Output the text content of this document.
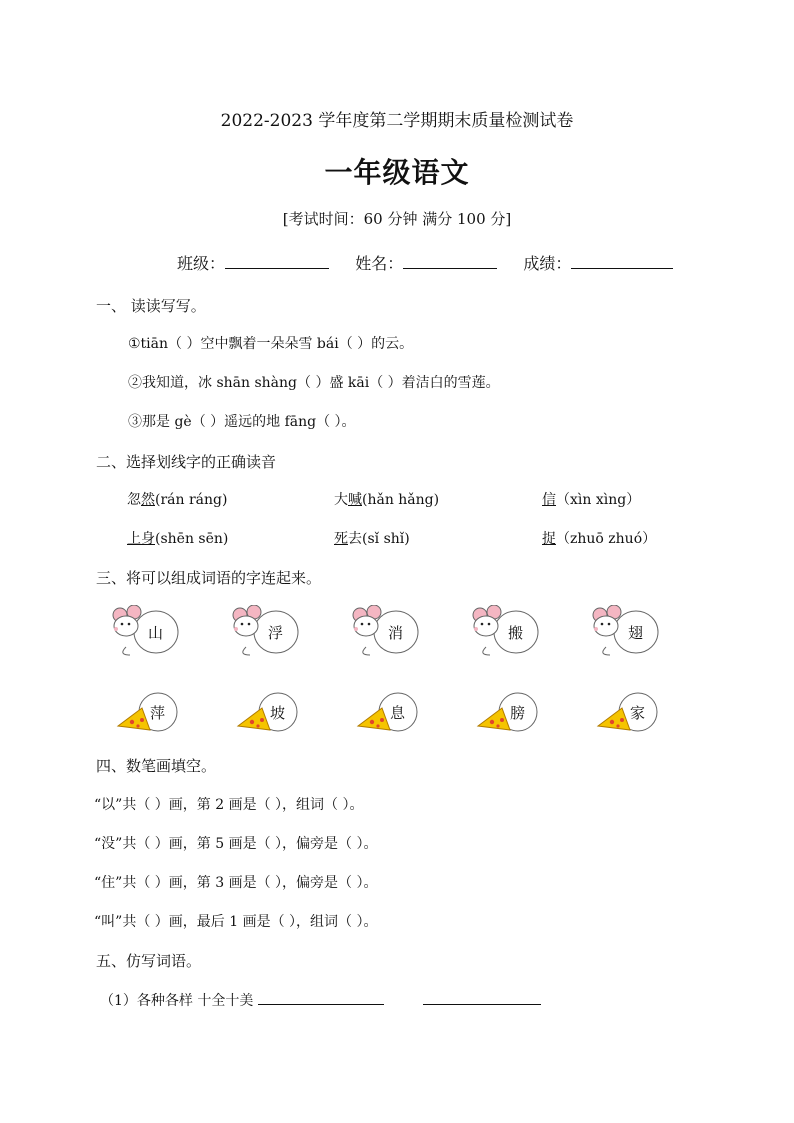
2022-2023 学年度第二学期期末质量检测试卷
一年级语文
[考试时间：60 分钟 满分 100 分]
班级：	姓名：	成绩：
一、 读读写写。
①tiān（ ）空中飘着一朵朵雪 bái（ ）的云。
②我知道，冰 shān shàng（ ）盛 kāi（ ）着洁白的雪莲。
③那是 gè（ ）遥远的地 fāng（ ）。
二、选择划线字的正确读音
忽然(rán ráng)	大喊(hǎn hǎng)	信（xìn xìng）
上身(shēn sēn)	死去(sǐ shǐ)	捉（zhuō zhuó）
三、将可以组成词语的字连起来。
四、数笔画填空。
“以”共（ ）画，第 2 画是（ ），组词（ ）。
“没”共（ ）画，第 5 画是（ ），偏旁是（ ）。
“住”共（ ）画，第 3 画是（ ），偏旁是（ ）。
“叫”共（ ）画，最后 1 画是（ ），组词（ ）。
五、仿写词语。
（1）各种各样 十全十美
山	浮	消	搬	翅
萍	坡	息	膀	家
